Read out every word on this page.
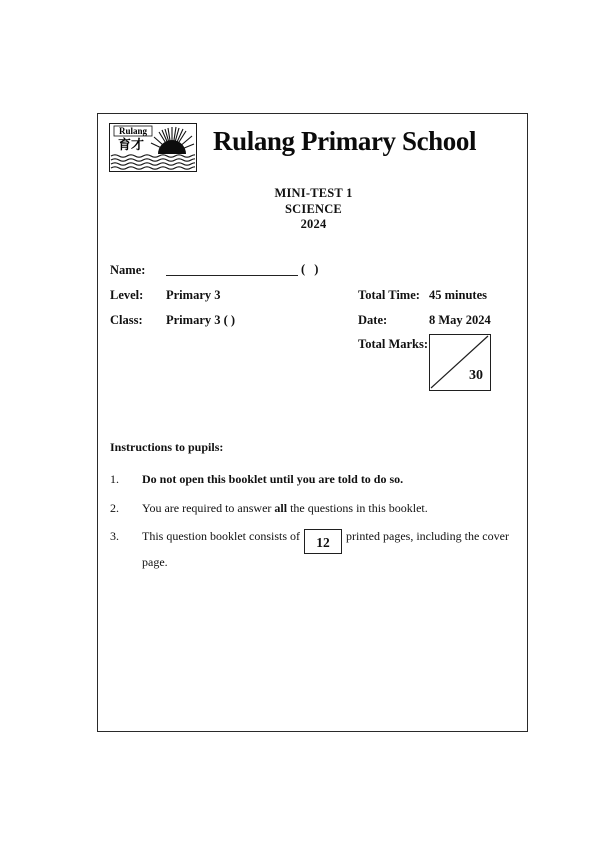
Rulang
育才	Rulang Primary School
MINI-TEST 1
SCIENCE
2024
Name:	( )
Level: Primary 3
Class: Primary 3 ( )
Total Time: 45 minutes
Date:	8 May 2024
Total Marks:
30
Instructions to pupils:
1.	Do not open this booklet until you are told to do so.
2.	You are required to answer all the questions in this booklet.
3.	This question booklet consists of 12 printed pages, including the cover page.
